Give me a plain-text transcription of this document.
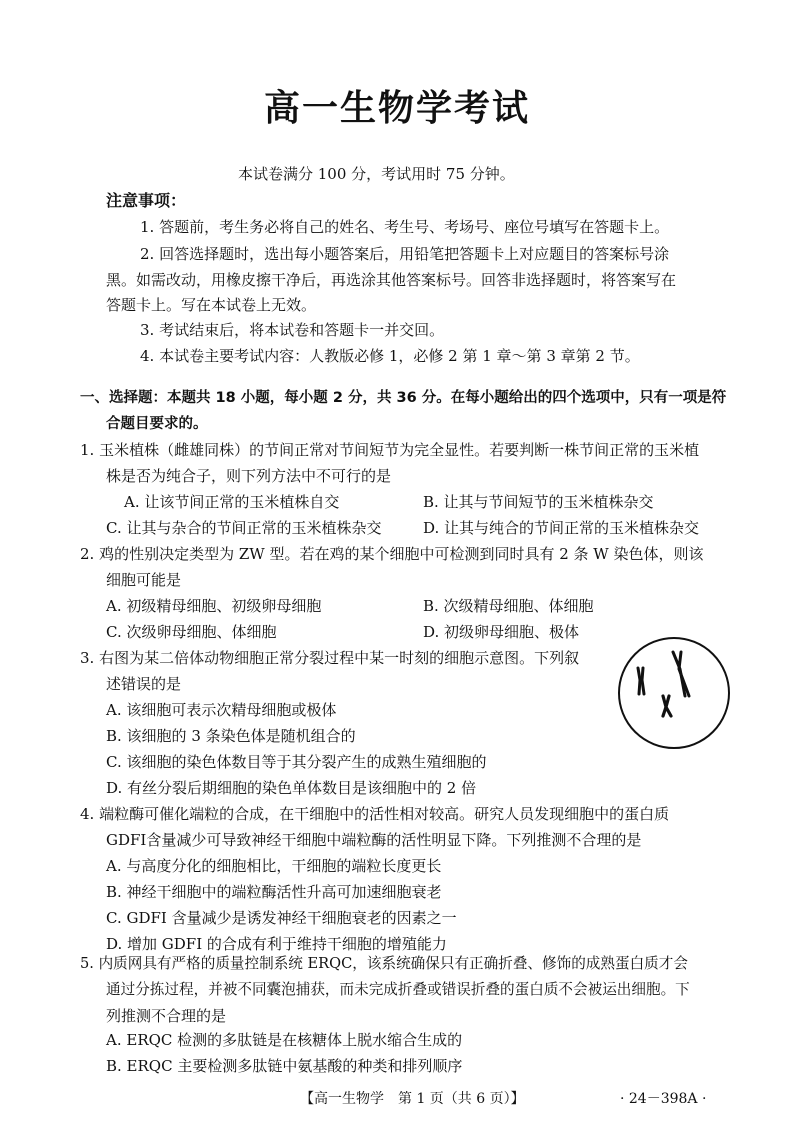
高一生物学考试
本试卷满分 100 分，考试用时 75 分钟。
注意事项：
1. 答题前，考生务必将自己的姓名、考生号、考场号、座位号填写在答题卡上。
2. 回答选择题时，选出每小题答案后，用铅笔把答题卡上对应题目的答案标号涂
黑。如需改动，用橡皮擦干净后，再选涂其他答案标号。回答非选择题时，将答案写在
答题卡上。写在本试卷上无效。
3. 考试结束后，将本试卷和答题卡一并交回。
4. 本试卷主要考试内容：人教版必修 1，必修 2 第 1 章～第 3 章第 2 节。
一、选择题：本题共 18 小题，每小题 2 分，共 36 分。在每小题给出的四个选项中，只有一项是符
合题目要求的。
1. 玉米植株（雌雄同株）的节间正常对节间短节为完全显性。若要判断一株节间正常的玉米植
株是否为纯合子，则下列方法中不可行的是
A. 让该节间正常的玉米植株自交	B. 让其与节间短节的玉米植株杂交
C. 让其与杂合的节间正常的玉米植株杂交	D. 让其与纯合的节间正常的玉米植株杂交
2. 鸡的性别决定类型为 ZW 型。若在鸡的某个细胞中可检测到同时具有 2 条 W 染色体，则该
细胞可能是
A. 初级精母细胞、初级卵母细胞	B. 次级精母细胞、体细胞
C. 次级卵母细胞、体细胞	D. 初级卵母细胞、极体
3. 右图为某二倍体动物细胞正常分裂过程中某一时刻的细胞示意图。下列叙
述错误的是
A. 该细胞可表示次精母细胞或极体
B. 该细胞的 3 条染色体是随机组合的
C. 该细胞的染色体数目等于其分裂产生的成熟生殖细胞的
D. 有丝分裂后期细胞的染色单体数目是该细胞中的 2 倍
4. 端粒酶可催化端粒的合成，在干细胞中的活性相对较高。研究人员发现细胞中的蛋白质
GDFI含量减少可导致神经干细胞中端粒酶的活性明显下降。下列推测不合理的是
A. 与高度分化的细胞相比，干细胞的端粒长度更长
B. 神经干细胞中的端粒酶活性升高可加速细胞衰老
C. GDFI 含量减少是诱发神经干细胞衰老的因素之一
D. 增加 GDFI 的合成有利于维持干细胞的增殖能力
5. 内质网具有严格的质量控制系统 ERQC，该系统确保只有正确折叠、修饰的成熟蛋白质才会
通过分拣过程，并被不同囊泡捕获，而未完成折叠或错误折叠的蛋白质不会被运出细胞。下
列推测不合理的是
【高一生物学　第 1 页（共 6 页）】	· 24－398A ·
A. ERQC 检测的多肽链是在核糖体上脱水缩合生成的
B. ERQC 主要检测多肽链中氨基酸的种类和排列顺序
